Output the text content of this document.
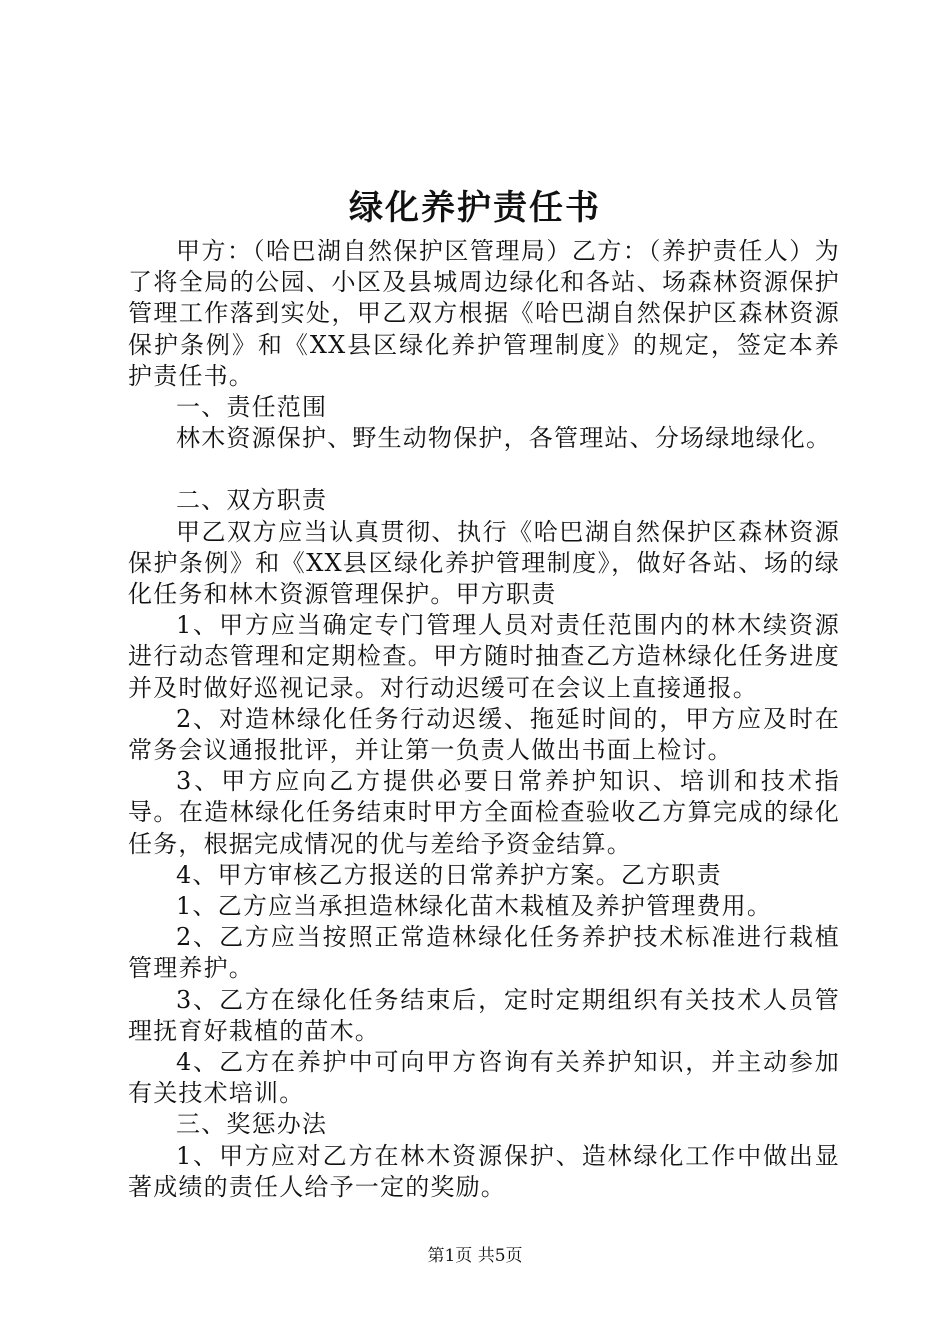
绿化养护责任书

甲方：（哈巴湖自然保护区管理局）乙方：（养护责任人）为了将全局的公园、小区及县城周边绿化和各站、场森林资源保护管理工作落到实处，甲乙双方根据《哈巴湖自然保护区森林资源保护条例》和《XX县区绿化养护管理制度》的规定，签定本养护责任书。

一、责任范围

林木资源保护、野生动物保护，各管理站、分场绿地绿化。

二、双方职责

甲乙双方应当认真贯彻、执行《哈巴湖自然保护区森林资源保护条例》和《XX县区绿化养护管理制度》，做好各站、场的绿化任务和林木资源管理保护。甲方职责

1、甲方应当确定专门管理人员对责任范围内的林木续资源进行动态管理和定期检查。甲方随时抽查乙方造林绿化任务进度并及时做好巡视记录。对行动迟缓可在会议上直接通报。

2、对造林绿化任务行动迟缓、拖延时间的，甲方应及时在常务会议通报批评，并让第一负责人做出书面上检讨。

3、甲方应向乙方提供必要日常养护知识、培训和技术指导。在造林绿化任务结束时甲方全面检查验收乙方算完成的绿化任务，根据完成情况的优与差给予资金结算。

4、甲方审核乙方报送的日常养护方案。乙方职责

1、乙方应当承担造林绿化苗木栽植及养护管理费用。

2、乙方应当按照正常造林绿化任务养护技术标准进行栽植管理养护。

3、乙方在绿化任务结束后，定时定期组织有关技术人员管理抚育好栽植的苗木。

4、乙方在养护中可向甲方咨询有关养护知识，并主动参加有关技术培训。

三、奖惩办法

1、甲方应对乙方在林木资源保护、造林绿化工作中做出显著成绩的责任人给予一定的奖励。

第1页 共5页
